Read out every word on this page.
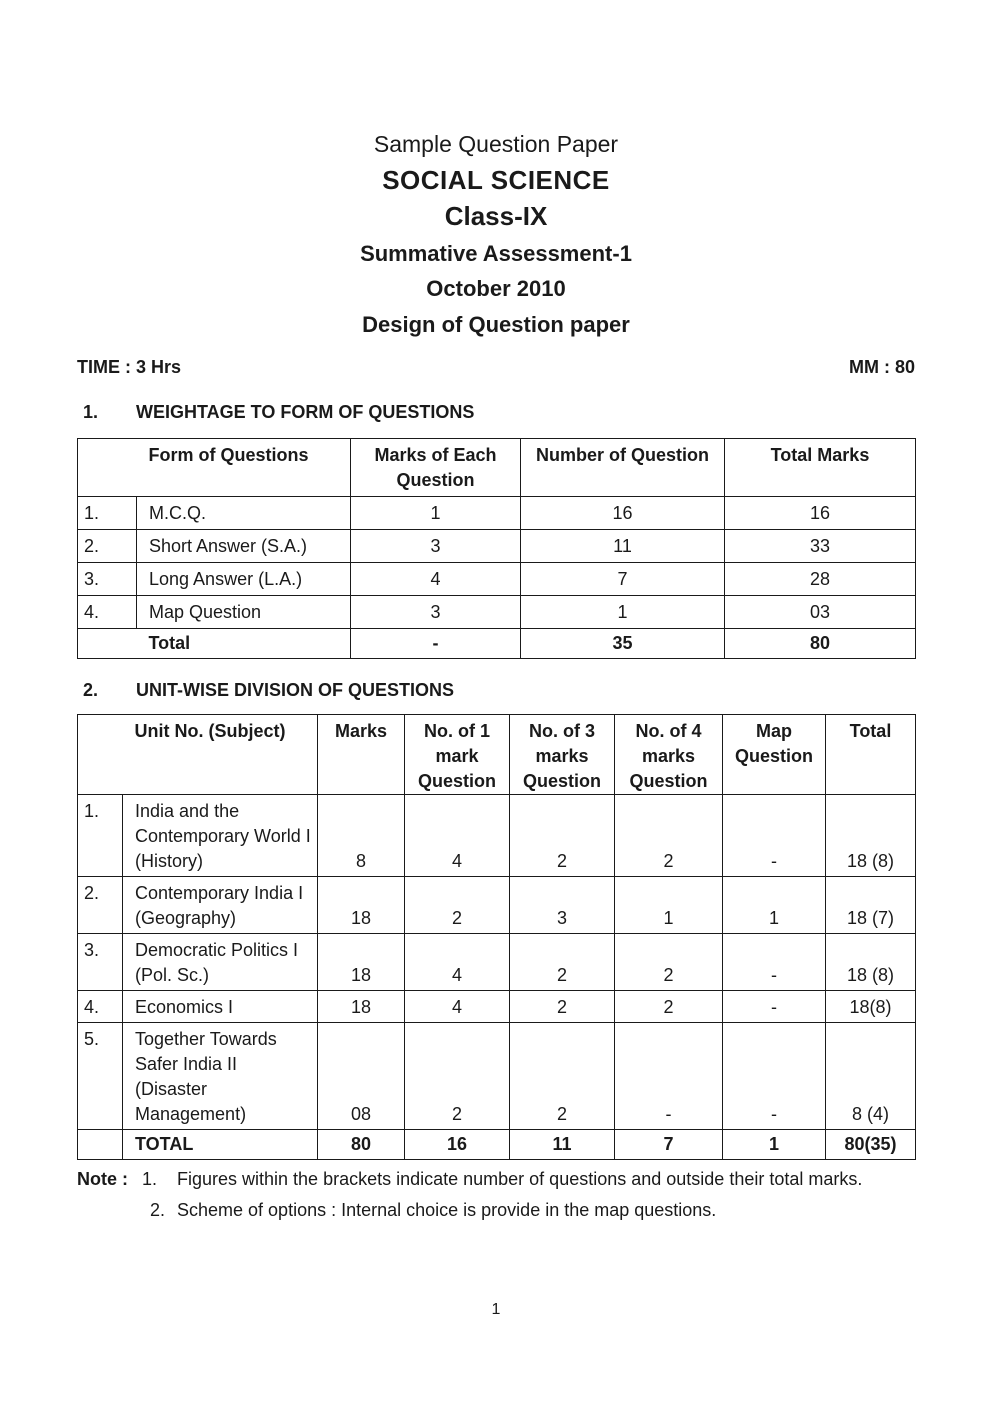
Sample Question Paper
SOCIAL SCIENCE
Class-IX
Summative Assessment-1
October 2010
Design of Question paper
TIME : 3 Hrs	MM : 80
1. WEIGHTAGE TO FORM OF QUESTIONS
	Form of Questions	Marks of Each Question	Number of Question	Total Marks
1.	M.C.Q.	1	16	16
2.	Short Answer (S.A.)	3	11	33
3.	Long Answer (L.A.)	4	7	28
4.	Map Question	3	1	03
	Total	-	35	80
2. UNIT-WISE DIVISION OF QUESTIONS
	Unit No. (Subject)	Marks	No. of 1 mark Question	No. of 3 marks Question	No. of 4 marks Question	Map Question	Total
1.	India and the Contemporary World I (History)	8	4	2	2	-	18 (8)
2.	Contemporary India I (Geography)	18	2	3	1	1	18 (7)
3.	Democratic Politics I (Pol. Sc.)	18	4	2	2	-	18 (8)
4.	Economics I	18	4	2	2	-	18(8)
5.	Together Towards Safer India II (Disaster Management)	08	2	2	-	-	8 (4)
	TOTAL	80	16	11	7	1	80(35)
Note : 1. Figures within the brackets indicate number of questions and outside their total marks.
2. Scheme of options : Internal choice is provide in the map questions.
1
